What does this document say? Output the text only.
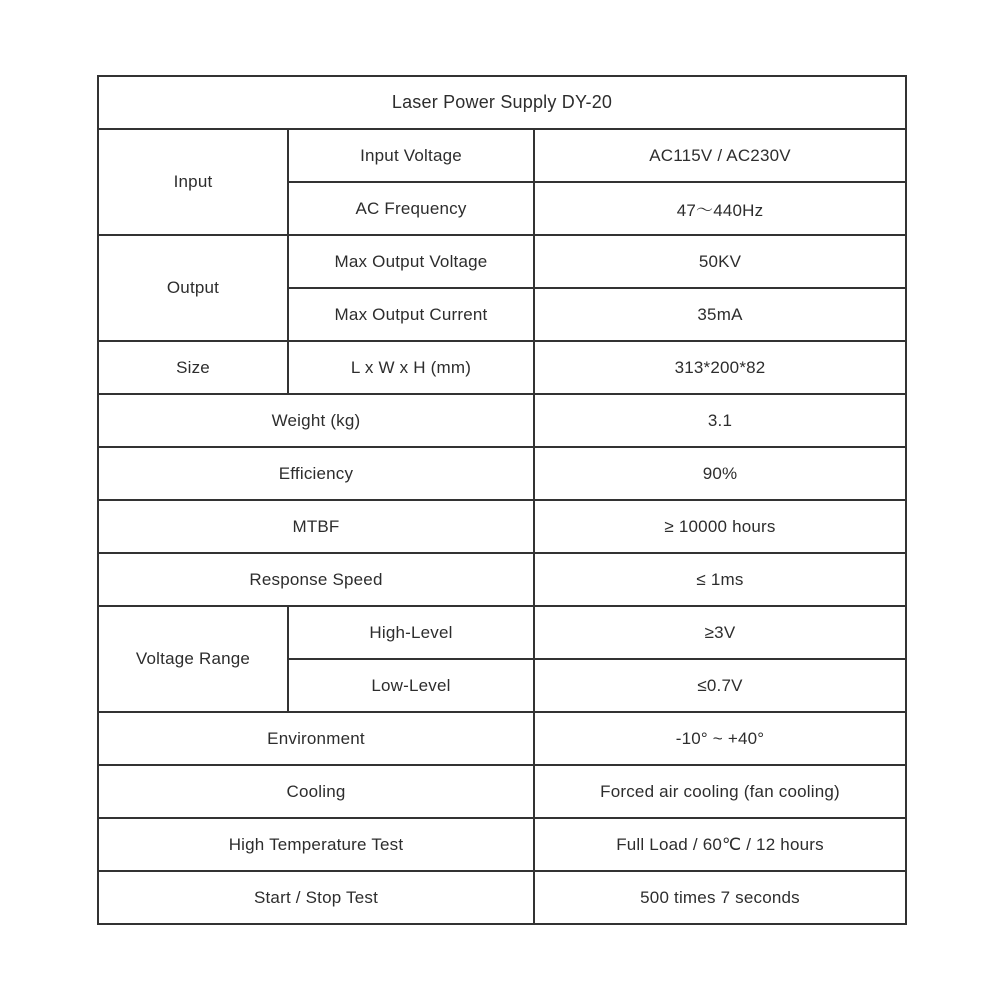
Laser Power Supply DY-20		
Input	Input Voltage	AC115V / AC230V
	AC Frequency	47～440Hz
Output	Max Output Voltage	50KV
	Max Output Current	35mA
Size	L x W x H (mm)	313*200*82
Weight (kg)		3.1
Efficiency		90%
MTBF		≥ 10000 hours
Response Speed		≤ 1ms
Voltage Range	High-Level	≥3V
	Low-Level	≤0.7V
Environment		-10° ~ +40°
Cooling		Forced air cooling (fan cooling)
High Temperature Test		Full Load / 60℃ / 12 hours
Start / Stop Test		500 times 7 seconds
